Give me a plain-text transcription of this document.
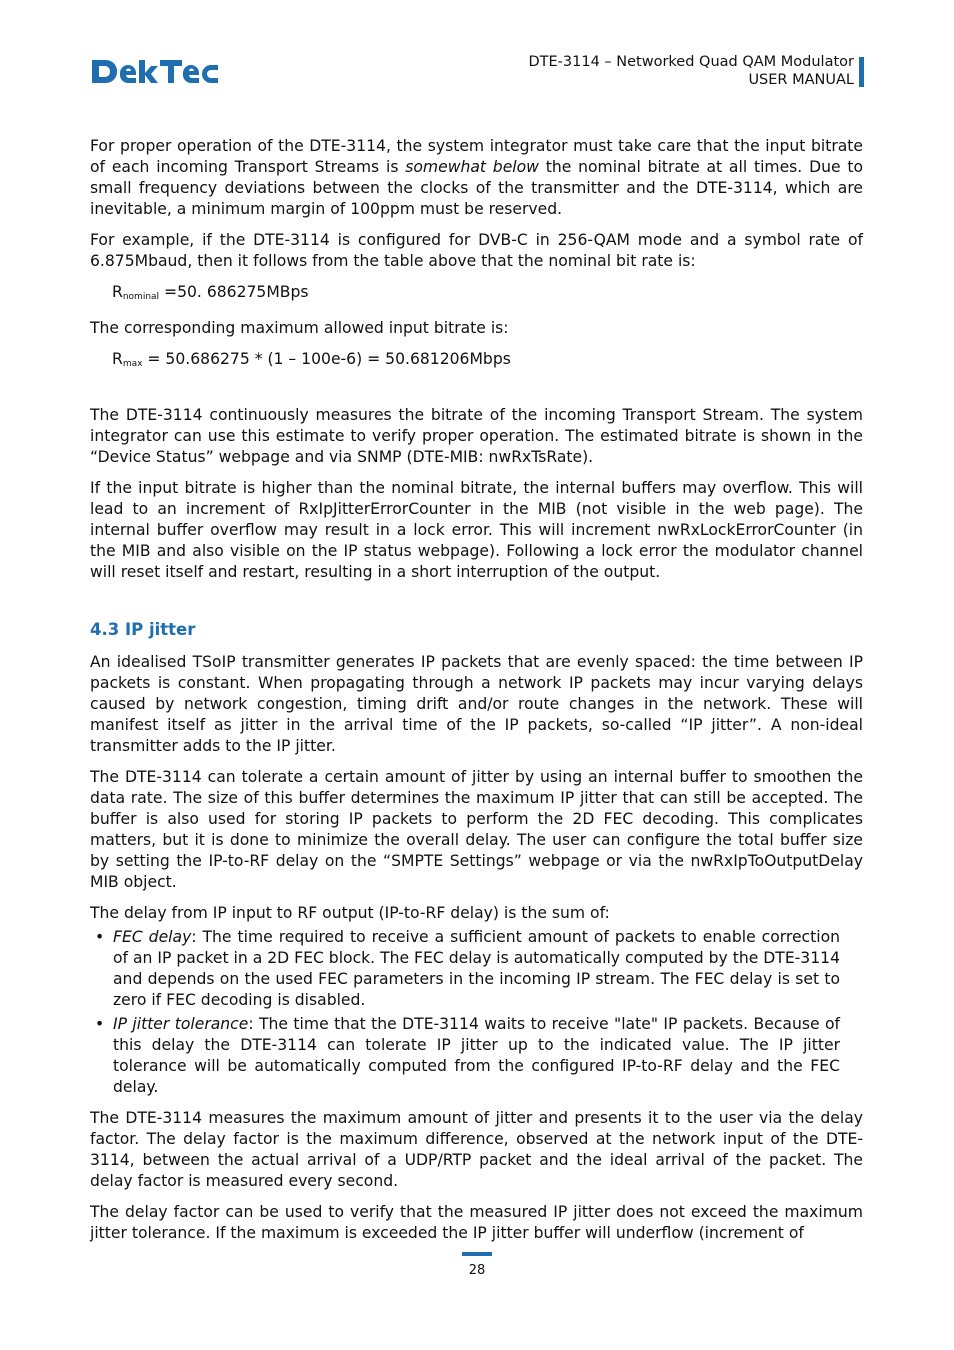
DTE-3114 – Networked Quad QAM Modulator
USER MANUAL

For proper operation of the DTE-3114, the system integrator must take care that the input bitrate of each incoming Transport Streams is somewhat below the nominal bitrate at all times. Due to small frequency deviations between the clocks of the transmitter and the DTE-3114, which are inevitable, a minimum margin of 100ppm must be reserved.

For example, if the DTE-3114 is configured for DVB-C in 256-QAM mode and a symbol rate of 6.875Mbaud, then it follows from the table above that the nominal bit rate is:

$R_{nominal} =50$. 686275MBps

The corresponding maximum allowed input bitrate is:

$R_{max} = 50.686275 * (1 - 100e-6)$ = 50.681206Mbps

The DTE-3114 continuously measures the bitrate of the incoming Transport Stream. The system integrator can use this estimate to verify proper operation. The estimated bitrate is shown in the “Device Status” webpage and via SNMP (DTE-MIB: nwRxTsRate).

If the input bitrate is higher than the nominal bitrate, the internal buffers may overflow. This will lead to an increment of RxIpJitterErrorCounter in the MIB (not visible in the web page). The internal buffer overflow may result in a lock error. This will increment nwRxLockErrorCounter (in the MIB and also visible on the IP status webpage). Following a lock error the modulator channel will reset itself and restart, resulting in a short interruption of the output.

4.3 IP jitter

An idealised TSoIP transmitter generates IP packets that are evenly spaced: the time between IP packets is constant. When propagating through a network IP packets may incur varying delays caused by network congestion, timing drift and/or route changes in the network. These will manifest itself as jitter in the arrival time of the IP packets, so-called “IP jitter”. A non-ideal transmitter adds to the IP jitter.

The DTE-3114 can tolerate a certain amount of jitter by using an internal buffer to smoothen the data rate. The size of this buffer determines the maximum IP jitter that can still be accepted. The buffer is also used for storing IP packets to perform the 2D FEC decoding. This complicates matters, but it is done to minimize the overall delay. The user can configure the total buffer size by setting the IP-to-RF delay on the “SMPTE Settings” webpage or via the nwRxIpToOutputDelay MIB object.

The delay from IP input to RF output (IP-to-RF delay) is the sum of:

• FEC delay: The time required to receive a sufficient amount of packets to enable correction of an IP packet in a 2D FEC block. The FEC delay is automatically computed by the DTE-3114 and depends on the used FEC parameters in the incoming IP stream. The FEC delay is set to zero if FEC decoding is disabled.
• IP jitter tolerance: The time that the DTE-3114 waits to receive "late" IP packets. Because of this delay the DTE-3114 can tolerate IP jitter up to the indicated value. The IP jitter tolerance will be automatically computed from the configured IP-to-RF delay and the FEC delay.

The DTE-3114 measures the maximum amount of jitter and presents it to the user via the delay factor. The delay factor is the maximum difference, observed at the network input of the DTE-3114, between the actual arrival of a UDP/RTP packet and the ideal arrival of the packet. The delay factor is measured every second.

The delay factor can be used to verify that the measured IP jitter does not exceed the maximum jitter tolerance. If the maximum is exceeded the IP jitter buffer will underflow (increment of

28
